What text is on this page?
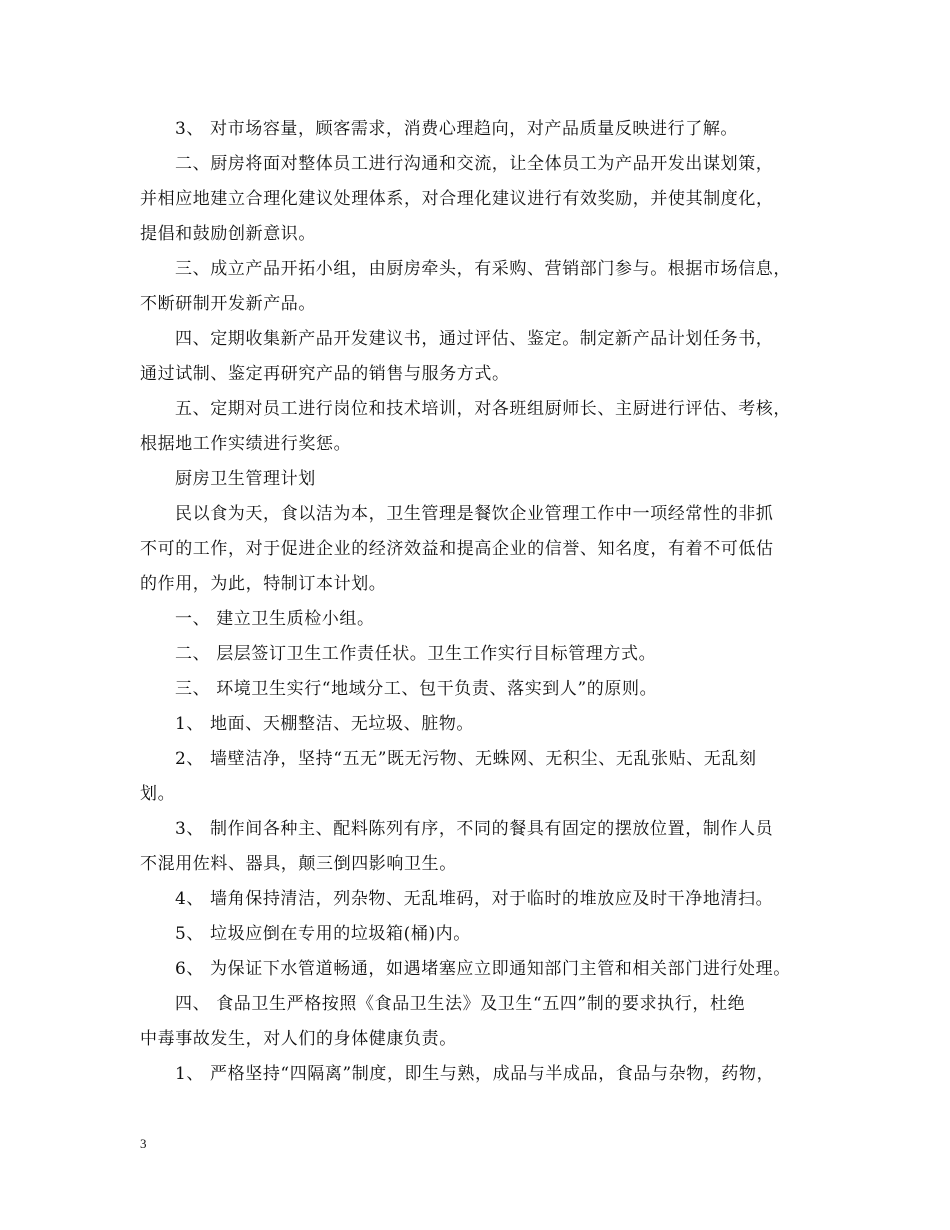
3、 对市场容量，顾客需求，消费心理趋向，对产品质量反映进行了解。
二、厨房将面对整体员工进行沟通和交流，让全体员工为产品开发出谋划策，
并相应地建立合理化建议处理体系，对合理化建议进行有效奖励，并使其制度化，
提倡和鼓励创新意识。
三、成立产品开拓小组，由厨房牵头，有采购、营销部门参与。根据市场信息，
不断研制开发新产品。
四、定期收集新产品开发建议书，通过评估、鉴定。制定新产品计划任务书，
通过试制、鉴定再研究产品的销售与服务方式。
五、定期对员工进行岗位和技术培训，对各班组厨师长、主厨进行评估、考核，
根据地工作实绩进行奖惩。
厨房卫生管理计划
民以食为天，食以洁为本，卫生管理是餐饮企业管理工作中一项经常性的非抓
不可的工作，对于促进企业的经济效益和提高企业的信誉、知名度，有着不可低估
的作用，为此，特制订本计划。
一、 建立卫生质检小组。
二、 层层签订卫生工作责任状。卫生工作实行目标管理方式。
三、 环境卫生实行“地域分工、包干负责、落实到人”的原则。
1、 地面、天棚整洁、无垃圾、脏物。
2、 墙壁洁净，坚持“五无”既无污物、无蛛网、无积尘、无乱张贴、无乱刻
划。
3、 制作间各种主、配料陈列有序，不同的餐具有固定的摆放位置，制作人员
不混用佐料、器具，颠三倒四影响卫生。
4、 墙角保持清洁，列杂物、无乱堆码，对于临时的堆放应及时干净地清扫。
5、 垃圾应倒在专用的垃圾箱(桶)内。
6、 为保证下水管道畅通，如遇堵塞应立即通知部门主管和相关部门进行处理。
四、 食品卫生严格按照《食品卫生法》及卫生“五四”制的要求执行，杜绝
中毒事故发生，对人们的身体健康负责。
1、 严格坚持“四隔离”制度，即生与熟，成品与半成品，食品与杂物，药物，
3
